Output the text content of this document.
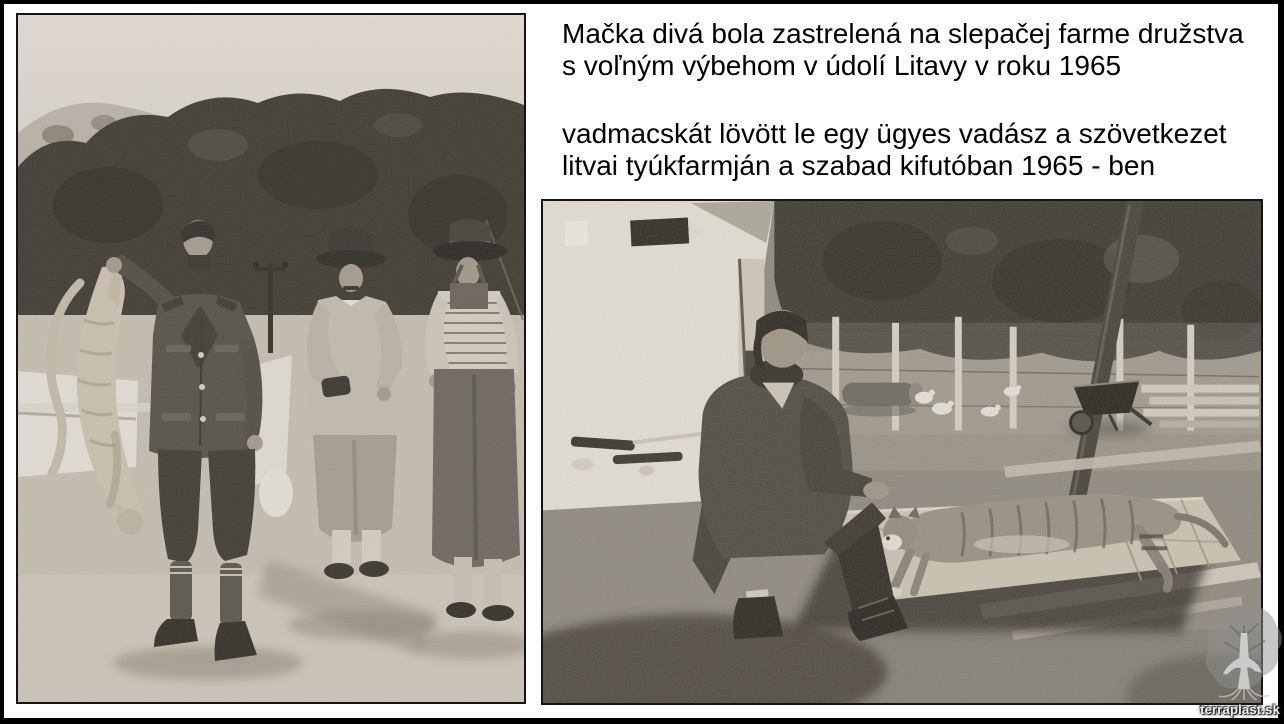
Mačka divá bola zastrelená na slepačej farme družstva
s voľným výbehom v údolí Litavy v roku 1965
vadmacskát lövött le egy ügyes vadász a szövetkezet
litvai tyúkfarmján a szabad kifutóban 1965 - ben
terraplast.sk
